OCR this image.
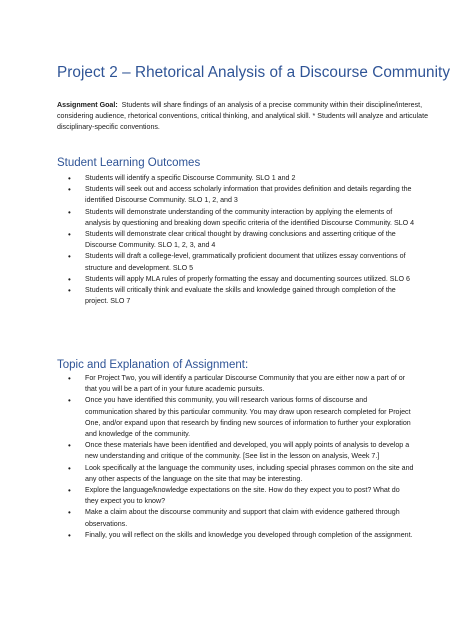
Project 2 – Rhetorical Analysis of a Discourse Community
Assignment Goal: Students will share findings of an analysis of a precise community within their discipline/interest, considering audience, rhetorical conventions, critical thinking, and analytical skill. * Students will analyze and articulate disciplinary-specific conventions.
Student Learning Outcomes
• Students will identify a specific Discourse Community. SLO 1 and 2
• Students will seek out and access scholarly information that provides definition and details regarding the identified Discourse Community. SLO 1, 2, and 3
• Students will demonstrate understanding of the community interaction by applying the elements of analysis by questioning and breaking down specific criteria of the identified Discourse Community. SLO 4
• Students will demonstrate clear critical thought by drawing conclusions and asserting critique of the Discourse Community. SLO 1, 2, 3, and 4
• Students will draft a college-level, grammatically proficient document that utilizes essay conventions of structure and development. SLO 5
• Students will apply MLA rules of properly formatting the essay and documenting sources utilized. SLO 6
• Students will critically think and evaluate the skills and knowledge gained through completion of the project. SLO 7
Topic and Explanation of Assignment:
• For Project Two, you will identify a particular Discourse Community that you are either now a part of or that you will be a part of in your future academic pursuits.
• Once you have identified this community, you will research various forms of discourse and communication shared by this particular community. You may draw upon research completed for Project One, and/or expand upon that research by finding new sources of information to further your exploration and knowledge of the community.
• Once these materials have been identified and developed, you will apply points of analysis to develop a new understanding and critique of the community. [See list in the lesson on analysis, Week 7.]
• Look specifically at the language the community uses, including special phrases common on the site and any other aspects of the language on the site that may be interesting.
• Explore the language/knowledge expectations on the site. How do they expect you to post? What do they expect you to know?
• Make a claim about the discourse community and support that claim with evidence gathered through observations.
• Finally, you will reflect on the skills and knowledge you developed through completion of the assignment.
